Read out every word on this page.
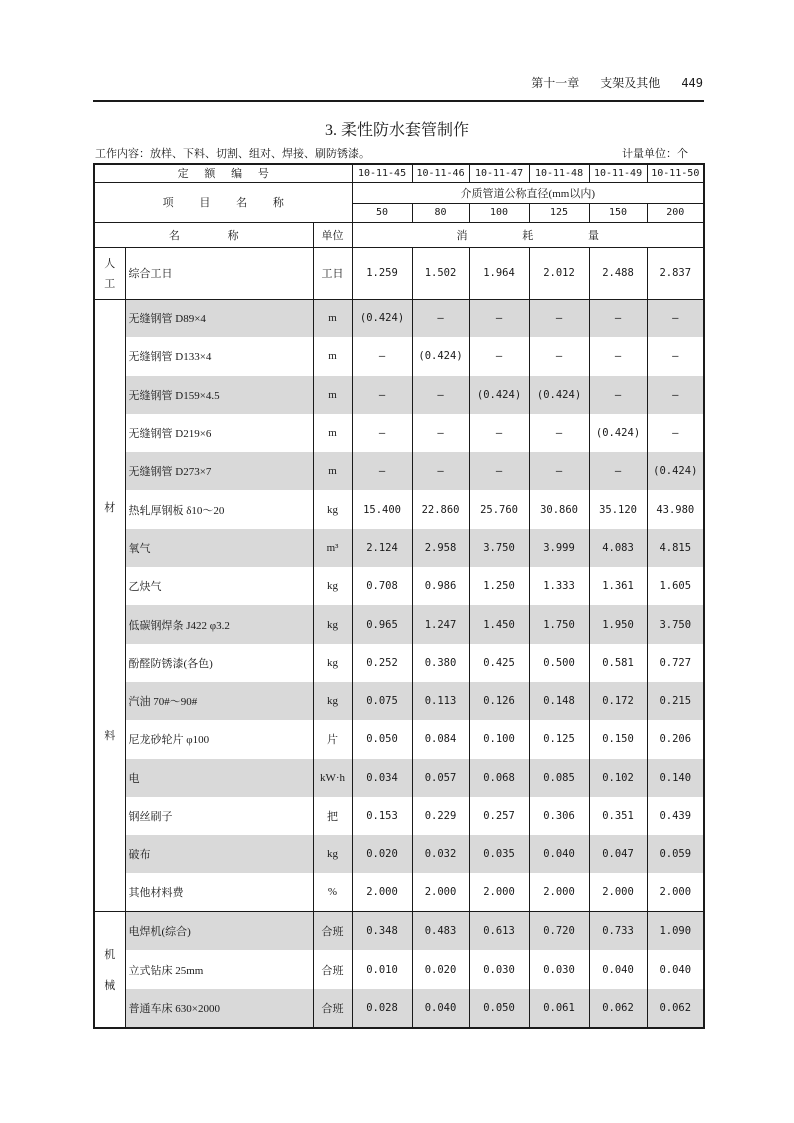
第十一章 支架及其他 449
3. 柔性防水套管制作
工作内容：放样、下料、切割、组对、焊接、刷防锈漆。	计量单位：个
定 额 编 号			10-11-45	10-11-46	10-11-47	10-11-48	10-11-49	10-11-50
项 目 名 称			介质管道公称直径(mm以内)					
			50	80	100	125	150	200
名 称		单位	消 耗 量					

人
工	综合工日	工日	1.259	1.502	1.964	2.012	2.488	2.837

材
料	无缝钢管 D89×4	m	(0.424)	—	—	—	—	—
	无缝钢管 D133×4	m	—	(0.424)	—	—	—	—
	无缝钢管 D159×4.5	m	—	—	(0.424)	(0.424)	—	—
	无缝钢管 D219×6	m	—	—	—	—	(0.424)	—
	无缝钢管 D273×7	m	—	—	—	—	—	(0.424)
	热轧厚钢板 δ10～20	kg	15.400	22.860	25.760	30.860	35.120	43.980
	氧气	m³	2.124	2.958	3.750	3.999	4.083	4.815
	乙炔气	kg	0.708	0.986	1.250	1.333	1.361	1.605
	低碳钢焊条 J422 φ3.2	kg	0.965	1.247	1.450	1.750	1.950	3.750
	酚醛防锈漆(各色)	kg	0.252	0.380	0.425	0.500	0.581	0.727
	汽油 70#～90#	kg	0.075	0.113	0.126	0.148	0.172	0.215
	尼龙砂轮片 φ100	片	0.050	0.084	0.100	0.125	0.150	0.206
	电	kW·h	0.034	0.057	0.068	0.085	0.102	0.140
	钢丝刷子	把	0.153	0.229	0.257	0.306	0.351	0.439
	破布	kg	0.020	0.032	0.035	0.040	0.047	0.059
	其他材料费	%	2.000	2.000	2.000	2.000	2.000	2.000

机
械	电焊机(综合)	合班	0.348	0.483	0.613	0.720	0.733	1.090
	立式钻床 25mm	合班	0.010	0.020	0.030	0.030	0.040	0.040
	普通车床 630×2000	合班	0.028	0.040	0.050	0.061	0.062	0.062
